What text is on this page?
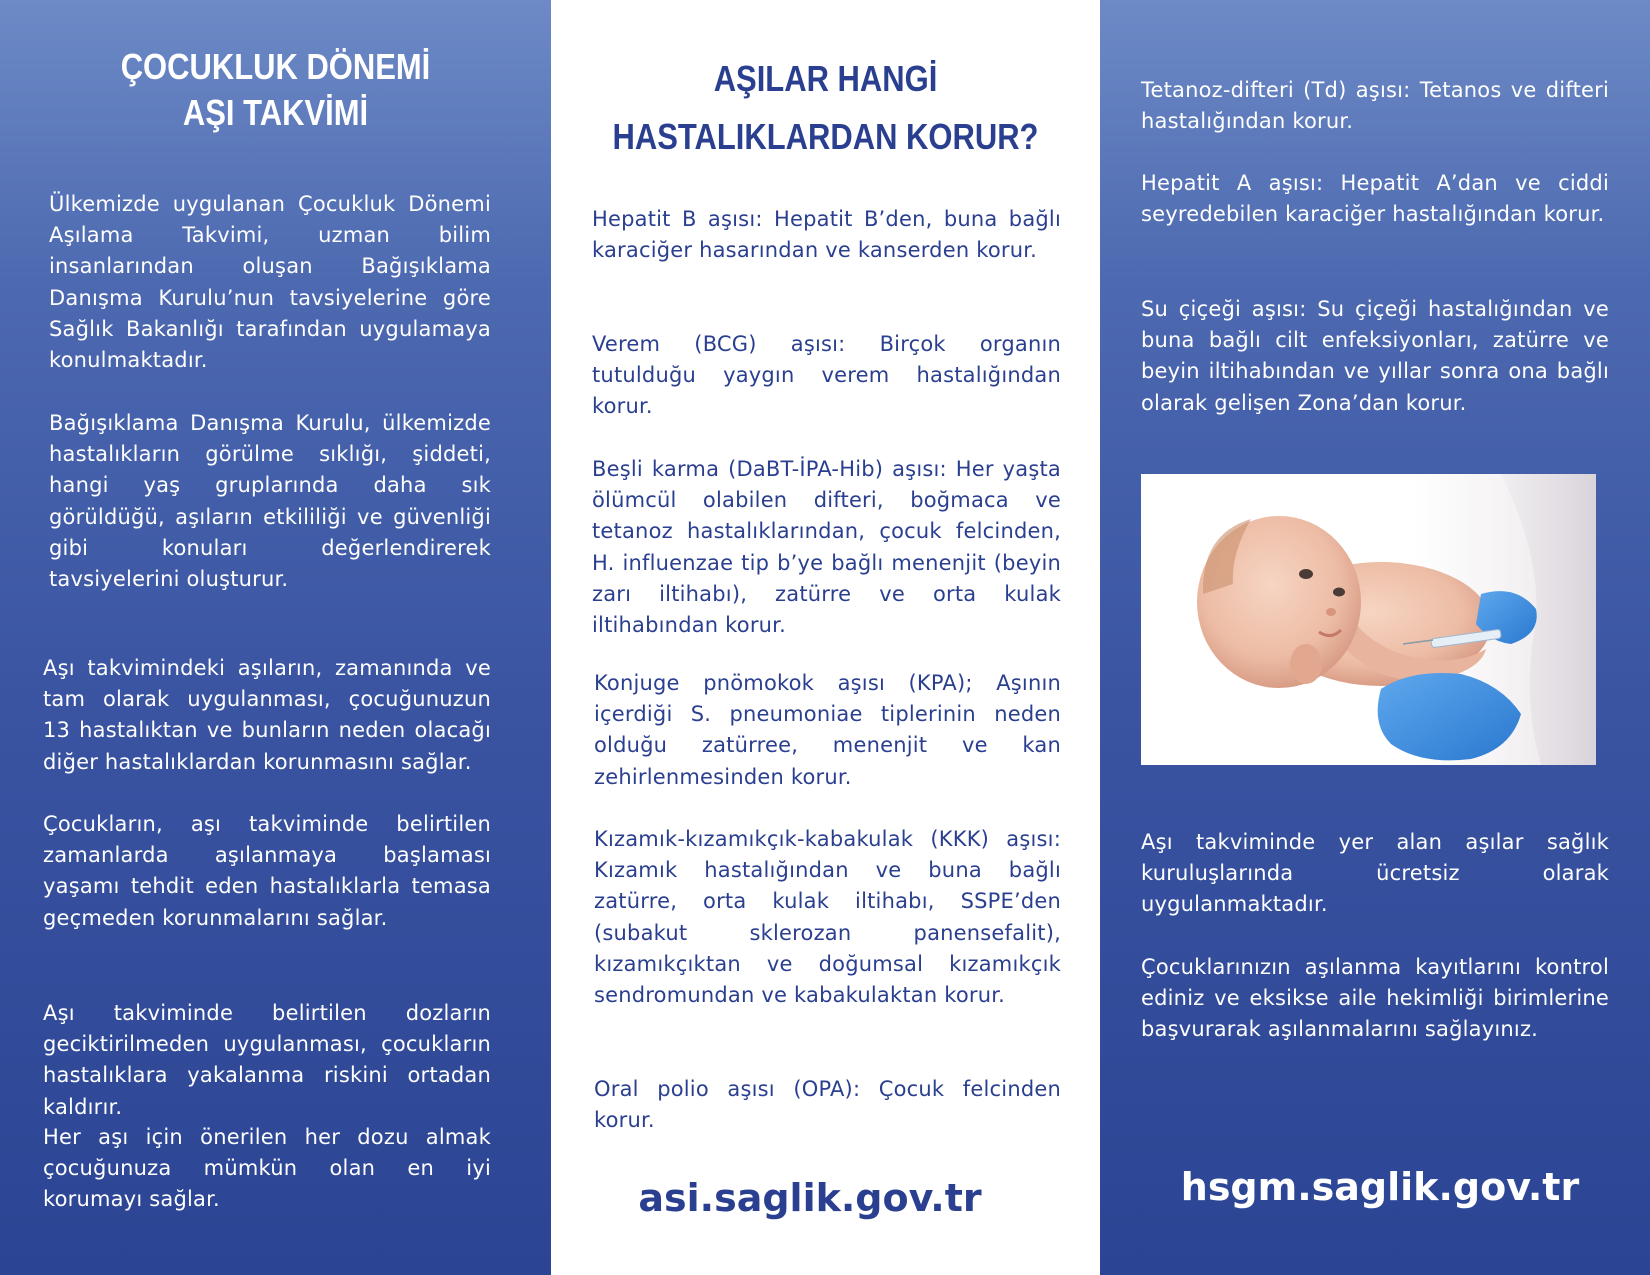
ÇOCUKLUK DÖNEMİ
AŞI TAKVİMİ

Ülkemizde uygulanan Çocukluk Dönemi Aşılama Takvimi, uzman bilim insanlarından oluşan Bağışıklama Danışma Kurulu’nun tavsiyelerine göre Sağlık Bakanlığı tarafından uygulamaya konulmaktadır.

Bağışıklama Danışma Kurulu, ülkemizde hastalıkların görülme sıklığı, şiddeti, hangi yaş gruplarında daha sık görüldüğü, aşıların etkililiği ve güvenliği gibi konuları değerlendirerek tavsiyelerini oluşturur.

Aşı takvimindeki aşıların, zamanında ve tam olarak uygulanması, çocuğunuzun 13 hastalıktan ve bunların neden olacağı diğer hastalıklardan korunmasını sağlar.

Çocukların, aşı takviminde belirtilen zamanlarda aşılanmaya başlaması yaşamı tehdit eden hastalıklarla temasa geçmeden korunmalarını sağlar.

Aşı takviminde belirtilen dozların geciktirilmeden uygulanması, çocukların hastalıklara yakalanma riskini ortadan kaldırır.

Her aşı için önerilen her dozu almak çocuğunuza mümkün olan en iyi korumayı sağlar.

AŞILAR HANGİ
HASTALIKLARDAN KORUR?

Hepatit B aşısı: Hepatit B’den, buna bağlı karaciğer hasarından ve kanserden korur.

Verem (BCG) aşısı: Birçok organın tutulduğu yaygın verem hastalığından korur.

Beşli karma (DaBT-İPA-Hib) aşısı: Her yaşta ölümcül olabilen difteri, boğmaca ve tetanoz hastalıklarından, çocuk felcinden, H. influenzae tip b’ye bağlı menenjit (beyin zarı iltihabı), zatürre ve orta kulak iltihabından korur.

Konjuge pnömokok aşısı (KPA); Aşının içerdiği S. pneumoniae tiplerinin neden olduğu zatürree, menenjit ve kan zehirlenmesinden korur.

Kızamık-kızamıkçık-kabakulak (KKK) aşısı: Kızamık hastalığından ve buna bağlı zatürre, orta kulak iltihabı, SSPE’den (subakut sklerozan panensefalit), kızamıkçıktan ve doğumsal kızamıkçık sendromundan ve kabakulaktan korur.

Oral polio aşısı (OPA): Çocuk felcinden korur.

asi.saglik.gov.tr

Tetanoz-difteri (Td) aşısı: Tetanos ve difteri hastalığından korur.

Hepatit A aşısı: Hepatit A’dan ve ciddi seyredebilen karaciğer hastalığından korur.

Su çiçeği aşısı: Su çiçeği hastalığından ve buna bağlı cilt enfeksiyonları, zatürre ve beyin iltihabından ve yıllar sonra ona bağlı olarak gelişen Zona’dan korur.

Aşı takviminde yer alan aşılar sağlık kuruluşlarında ücretsiz olarak uygulanmaktadır.

Çocuklarınızın aşılanma kayıtlarını kontrol ediniz ve eksikse aile hekimliği birimlerine başvurarak aşılanmalarını sağlayınız.

hsgm.saglik.gov.tr
